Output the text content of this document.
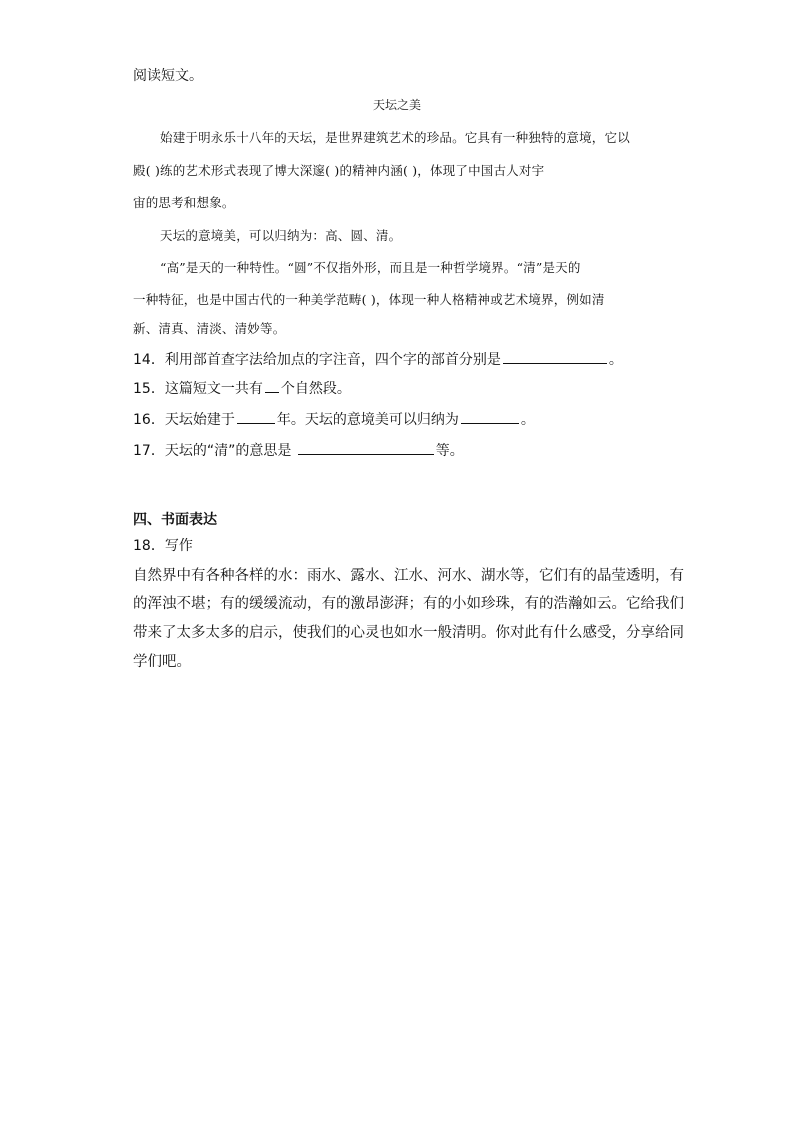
阅读短文。
天坛之美
始建于明永乐十八年的天坛，是世界建筑艺术的珍品。它具有一种独特的意境，它以
殿( )练的艺术形式表现了博大深邃( )的精神内涵( )，体现了中国古人对宇
宙的思考和想象。
天坛的意境美，可以归纳为：高、圆、清。
“高”是天的一种特性。“圆”不仅指外形，而且是一种哲学境界。“清”是天的
一种特征，也是中国古代的一种美学范畴( )，体现一种人格精神或艺术境界，例如清
新、清真、清淡、清妙等。
14．利用部首查字法给加点的字注音，四个字的部首分别是	。
15．这篇短文一共有 个自然段。
16．天坛始建于	年。天坛的意境美可以归纳为	。
17．天坛的“清”的意思是	等。
四、书面表达
18．写作
自然界中有各种各样的水：雨水、露水、江水、河水、湖水等，它们有的晶莹透明，有
的浑浊不堪；有的缓缓流动，有的激昂澎湃；有的小如珍珠，有的浩瀚如云。它给我们
带来了太多太多的启示，使我们的心灵也如水一般清明。你对此有什么感受，分享给同
学们吧。
